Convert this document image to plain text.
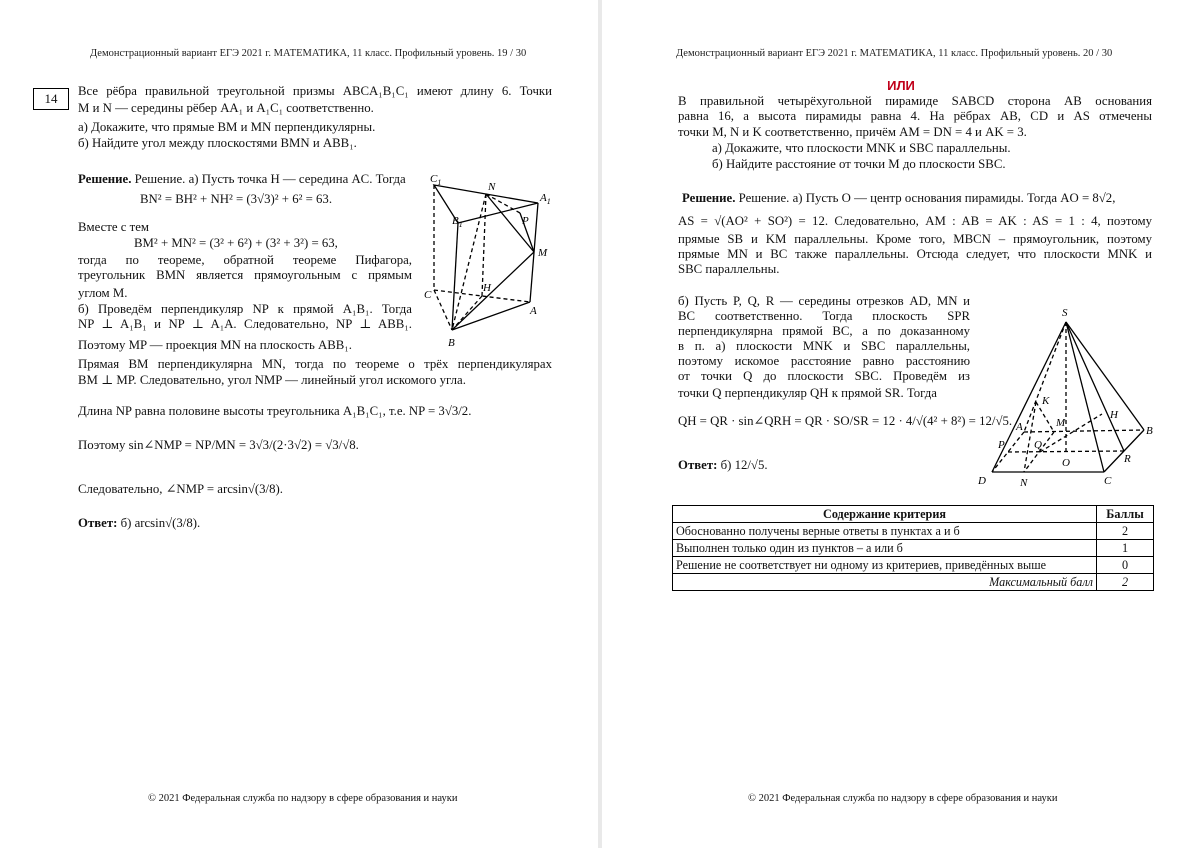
Демонстрационный вариант ЕГЭ 2021 г. МАТЕМАТИКА, 11 класс. Профильный уровень. 19 / 30
14	Все рёбра правильной треугольной призмы ABCA₁B₁C₁ имеют длину 6. Точки
M и N — середины рёбер AA₁ и A₁C₁ соответственно.
а) Докажите, что прямые BM и MN перпендикулярны.
б) Найдите угол между плоскостями BMN и ABB₁.
Решение. Решение. а) Пусть точка H — середина AC. Тогда
BN² = BH² + NH² = (3√3)² + 6² = 63.
Вместе с тем
BM² + MN² = (3² + 6²) + (3² + 3²) = 63,
тогда по теореме, обратной теореме Пифагора,
треугольник BMN является прямоугольным с прямым
углом M.
б) Проведём перпендикуляр NP к прямой A₁B₁. Тогда
NP ⊥ A₁B₁ и NP ⊥ A₁A. Следовательно, NP ⊥ ABB₁.
Поэтому MP — проекция MN на плоскость ABB₁.
Прямая BM перпендикулярна MN, тогда по теореме о трёх перпендикулярах
BM ⊥ MP. Следовательно, угол NMP — линейный угол искомого угла.
Длина NP равна половине высоты треугольника A₁B₁C₁, т.е. NP = 3√3/2.
Поэтому sin∠NMP = NP/MN = 3√3/(2·3√2) = √3/√8.
Следовательно, ∠NMP = arcsin√(3/8).
Ответ: б) arcsin√(3/8).
$C_1$	N
$A_1$
$B_1$	P
M
H
C
A
B
© 2021 Федеральная служба по надзору в сфере образования и науки
Демонстрационный вариант ЕГЭ 2021 г. МАТЕМАТИКА, 11 класс. Профильный уровень. 20 / 30
ИЛИ
В правильной четырёхугольной пирамиде SABCD сторона AB основания
равна 16, а высота пирамиды равна 4. На рёбрах AB, CD и AS отмечены
точки M, N и K соответственно, причём AM = DN = 4 и AK = 3.
а) Докажите, что плоскости MNK и SBC параллельны.
б) Найдите расстояние от точки M до плоскости SBC.
Решение. Решение. а) Пусть O — центр основания пирамиды. Тогда AO = 8√2,
AS = √(AO² + SO²) = 12. Следовательно, AM : AB = AK : AS = 1 : 4, поэтому
прямые SB и KM параллельны. Кроме того, MBCN – прямоугольник, поэтому
прямые MN и BC также параллельны. Отсюда следует, что плоскости MNK и
SBC параллельны.
б) Пусть P, Q, R — середины отрезков AD, MN и
BC соответственно. Тогда плоскость SPR
перпендикулярна прямой BC, а по доказанному
в п. а) плоскости MNK и SBC параллельны,
поэтому искомое расстояние равно расстоянию
от точки Q до плоскости SBC. Проведём из
точки Q перпендикуляр QH к прямой SR. Тогда
QH = QR · sin∠QRH = QR · SO/SR = 12 · 4/√(4² + 8²) = 12/√5.
Ответ: б) 12/√5.
S
K
H
M
A
P	Q
O
B
R
D	N	C
Содержание критерия	Баллы
Обоснованно получены верные ответы в пунктах а и б	2
Выполнен только один из пунктов – а или б	1
Решение не соответствует ни одному из критериев, приведённых выше	0
Максимальный балл	2
© 2021 Федеральная служба по надзору в сфере образования и науки
